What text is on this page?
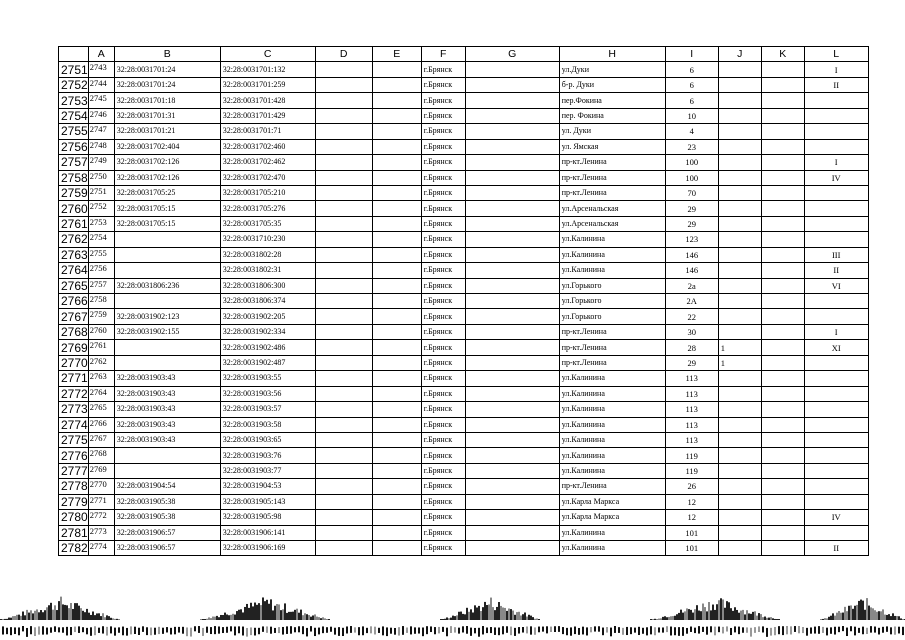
	A	B	C	D	E	F	G	H	I	J	K	L
2751	2743	32:28:0031701:24	32:28:0031701:132			г.Брянск		ул.Дуки	6			I
2752	2744	32:28:0031701:24	32:28:0031701:259			г.Брянск		б-р. Дуки	6			II
2753	2745	32:28:0031701:18	32:28:0031701:428			г.Брянск		пер.Фокина	6			
2754	2746	32:28:0031701:31	32:28:0031701:429			г.Брянск		пер. Фокина	10			
2755	2747	32:28:0031701:21	32:28:0031701:71			г.Брянск		ул. Дуки	4			
2756	2748	32:28:0031702:404	32:28:0031702:460			г.Брянск		ул. Ямская	23			
2757	2749	32:28:0031702:126	32:28:0031702:462			г.Брянск		пр-кт.Ленина	100			I
2758	2750	32:28:0031702:126	32:28:0031702:470			г.Брянск		пр-кт.Ленина	100			IV
2759	2751	32:28:0031705:25	32:28:0031705:210			г.Брянск		пр-кт.Ленина	70			
2760	2752	32:28:0031705:15	32:28:0031705:276			г.Брянск		ул.Арсенальская	29			
2761	2753	32:28:0031705:15	32:28:0031705:35			г.Брянск		ул.Арсенальская	29			
2762	2754		32:28:0031710:230			г.Брянск		ул.Калинина	123			
2763	2755		32:28:0031802:28			г.Брянск		ул.Калинина	146			III
2764	2756		32:28:0031802:31			г.Брянск		ул.Калинина	146			II
2765	2757	32:28:0031806:236	32:28:0031806:300			г.Брянск		ул.Горького	2а			VI
2766	2758		32:28:0031806:374			г.Брянск		ул.Горького	2А			
2767	2759	32:28:0031902:123	32:28:0031902:205			г.Брянск		ул.Горького	22			
2768	2760	32:28:0031902:155	32:28:0031902:334			г.Брянск		пр-кт.Ленина	30			I
2769	2761		32:28:0031902:486			г.Брянск		пр-кт.Ленина	28	1		XI
2770	2762		32:28:0031902:487			г.Брянск		пр-кт.Ленина	29	1		
2771	2763	32:28:0031903:43	32:28:0031903:55			г.Брянск		ул.Калинина	113			
2772	2764	32:28:0031903:43	32:28:0031903:56			г.Брянск		ул.Калинина	113			
2773	2765	32:28:0031903:43	32:28:0031903:57			г.Брянск		ул.Калинина	113			
2774	2766	32:28:0031903:43	32:28:0031903:58			г.Брянск		ул.Калинина	113			
2775	2767	32:28:0031903:43	32:28:0031903:65			г.Брянск		ул.Калинина	113			
2776	2768		32:28:0031903:76			г.Брянск		ул.Калинина	119			
2777	2769		32:28:0031903:77			г.Брянск		ул.Калинина	119			
2778	2770	32:28:0031904:54	32:28:0031904:53			г.Брянск		пр-кт.Ленина	26			
2779	2771	32:28:0031905:38	32:28:0031905:143			г.Брянск		ул.Карла Маркса	12			
2780	2772	32:28:0031905:38	32:28:0031905:98			г.Брянск		ул.Карла Маркса	12			IV
2781	2773	32:28:0031906:57	32:28:0031906:141			г.Брянск		ул.Калинина	101			
2782	2774	32:28:0031906:57	32:28:0031906:169			г.Брянск		ул.Калинина	101			II
